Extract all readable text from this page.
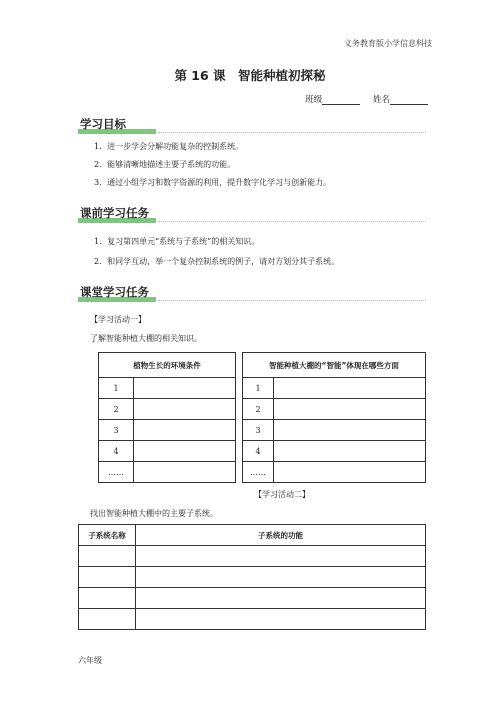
义务教育版小学信息科技
第 16 课　智能种植初探秘
班级	姓名
学习目标
1．进一步学会分解功能复杂的控制系统。
2．能够清晰地描述主要子系统的功能。
3．通过小组学习和数字资源的利用，提升数字化学习与创新能力。
课前学习任务
1．复习第四单元“系统与子系统”的相关知识。
2．和同学互动，举一个复杂控制系统的例子，请对方划分其子系统。
课堂学习任务
【学习活动一】
了解智能种植大棚的相关知识。
植物生长的环境条件	
1	
2	
3	
4	
……	
智能种植大棚的“智能”体现在哪些方面	
1	
2	
3	
4	
……	
【学习活动二】
找出智能种植大棚中的主要子系统。
子系统名称	子系统的功能

六年级
